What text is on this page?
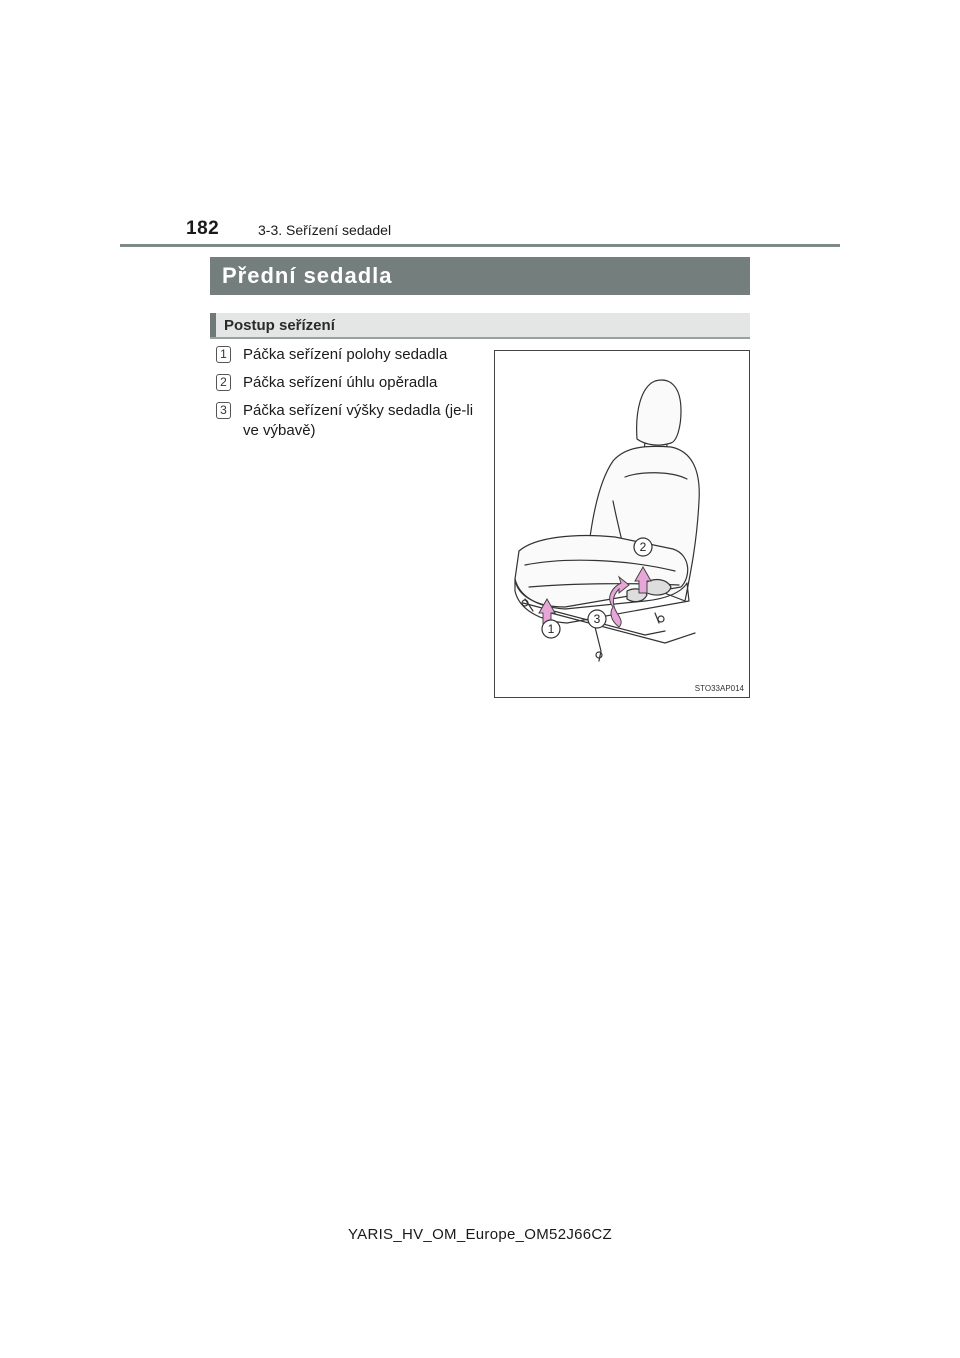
182	3-3. Seřízení sedadel
Přední sedadla
Postup seřízení
1 Páčka seřízení polohy sedadla
2 Páčka seřízení úhlu opěradla
3 Páčka seřízení výšky sedadla (je-li ve výbavě)
1
2
3
STO33AP014
YARIS_HV_OM_Europe_OM52J66CZ
